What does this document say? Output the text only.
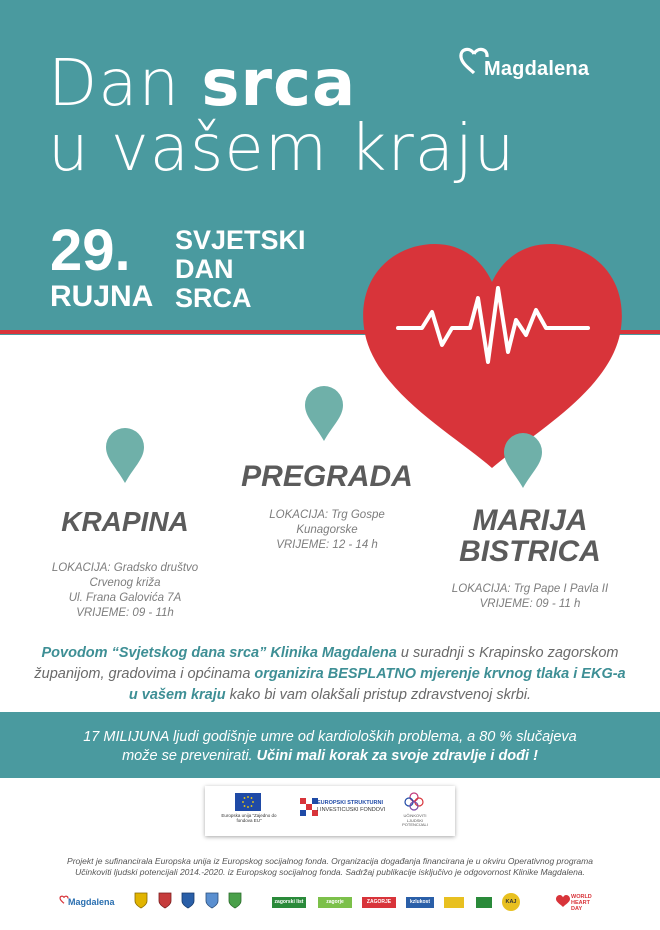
Dan srca
u vašem kraju
Magdalena
29.
RUJNA
SVJETSKI
DAN
SRCA
KRAPINA
LOKACIJA: Gradsko društvo
Crvenog križa
Ul. Frana Galovića 7A
VRIJEME: 09 - 11h
PREGRADA
LOKACIJA: Trg Gospe
Kunagorske
VRIJEME: 12 - 14 h
MARIJA
BISTRICA
LOKACIJA: Trg Pape I Pavla II
VRIJEME: 09 - 11 h
Povodom “Svjetskog dana srca” Klinika Magdalena u suradnji s Krapinsko zagorskom županijom, gradovima i općinama organizira BESPLATNO mjerenje krvnog tlaka i EKG-a u vašem kraju kako bi vam olakšali pristup zdravstvenoj skrbi.
17 MILIJUNA ljudi godišnje umre od kardioloških problema, a 80 % slučajeva
može se prevenirati. Učini mali korak za svoje zdravlje i dođi !
Europska unija "Zajedno do fondova EU"
EUROPSKI STRUKTURNI
I INVESTICIJSKI FONDOVI
UČINKOVITI LJUDSKI POTENCIJALI
Projekt je sufinancirala Europska unija iz Europskog socijalnog fonda. Organizacija događanja financirana je u okviru Operativnog programa
Učinkoviti ljudski potencijali 2014.-2020. iz Europskog socijalnog fonda. Sadržaj publikacije isključivo je odgovornost Klinike Magdalena.
Magdalena	zagorski list	zagorje	ZAGORJE	kzlukost	KAJ
WORLD HEART DAY
